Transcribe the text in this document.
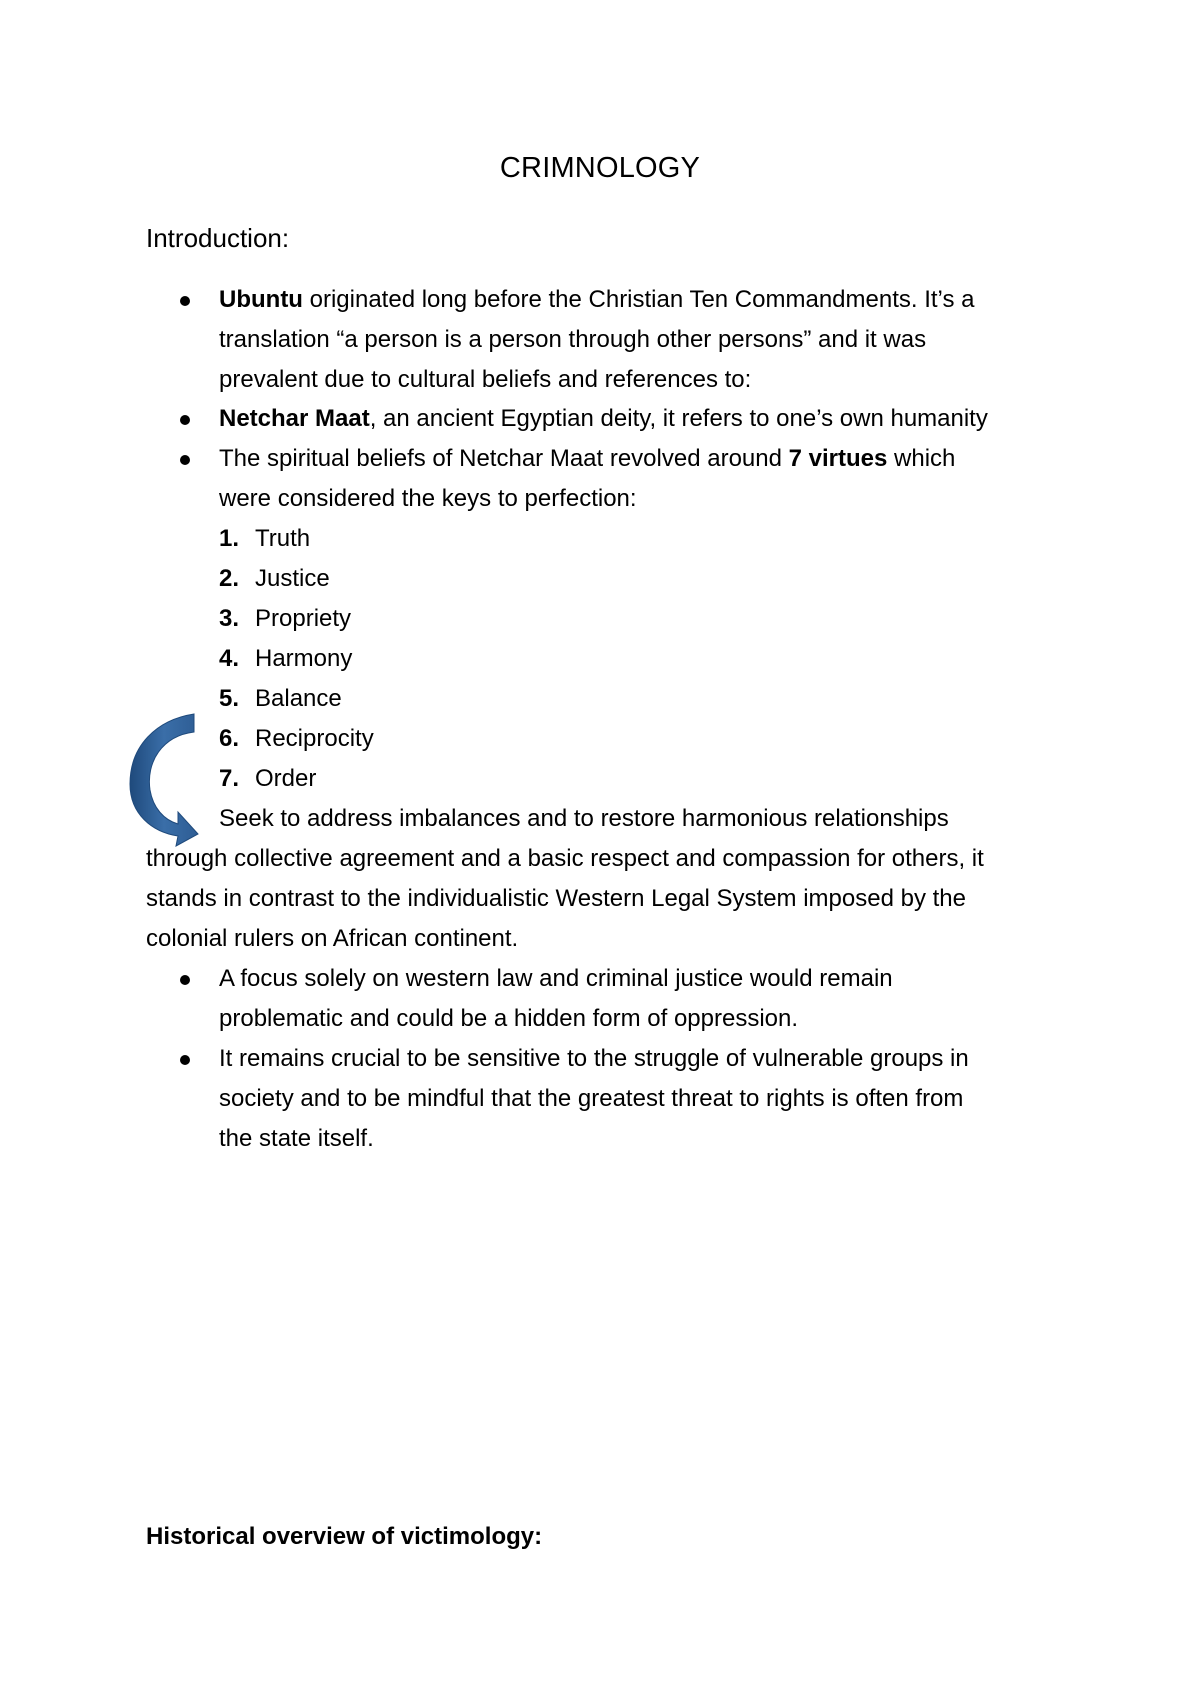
CRIMNOLOGY
Introduction:
Ubuntu originated long before the Christian Ten Commandments. It’s a
translation “a person is a person through other persons” and it was
prevalent due to cultural beliefs and references to:
Netchar Maat, an ancient Egyptian deity, it refers to one’s own humanity
The spiritual beliefs of Netchar Maat revolved around 7 virtues which
were considered the keys to perfection:
1. Truth
2. Justice
3. Propriety
4. Harmony
5. Balance
6. Reciprocity
7. Order
Seek to address imbalances and to restore harmonious relationships
through collective agreement and a basic respect and compassion for others, it
stands in contrast to the individualistic Western Legal System imposed by the
colonial rulers on African continent.
A focus solely on western law and criminal justice would remain
problematic and could be a hidden form of oppression.
It remains crucial to be sensitive to the struggle of vulnerable groups in
society and to be mindful that the greatest threat to rights is often from
the state itself.
Historical overview of victimology:
